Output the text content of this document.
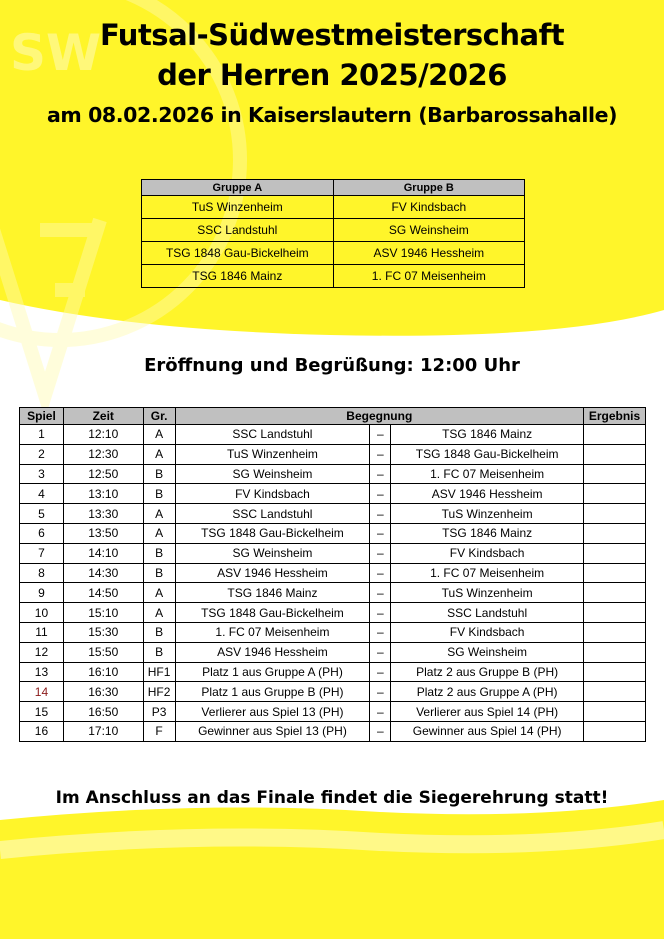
SW
Futsal-Südwestmeisterschaft
der Herren 2025/2026
am 08.02.2026 in Kaiserslautern (Barbarossahalle)
Gruppe A	Gruppe B
TuS Winzenheim	FV Kindsbach
SSC Landstuhl	SG Weinsheim
TSG 1848 Gau-Bickelheim	ASV 1946 Hessheim
TSG 1846 Mainz	1. FC 07 Meisenheim
Eröffnung und Begrüßung: 12:00 Uhr
Spiel	Zeit	Gr.	Begegnung			Ergebnis
1	12:10	A	SSC Landstuhl	–	TSG 1846 Mainz	
2	12:30	A	TuS Winzenheim	–	TSG 1848 Gau-Bickelheim	
3	12:50	B	SG Weinsheim	–	1. FC 07 Meisenheim	
4	13:10	B	FV Kindsbach	–	ASV 1946 Hessheim	
5	13:30	A	SSC Landstuhl	–	TuS Winzenheim	
6	13:50	A	TSG 1848 Gau-Bickelheim	–	TSG 1846 Mainz	
7	14:10	B	SG Weinsheim	–	FV Kindsbach	
8	14:30	B	ASV 1946 Hessheim	–	1. FC 07 Meisenheim	
9	14:50	A	TSG 1846 Mainz	–	TuS Winzenheim	
10	15:10	A	TSG 1848 Gau-Bickelheim	–	SSC Landstuhl	
11	15:30	B	1. FC 07 Meisenheim	–	FV Kindsbach	
12	15:50	B	ASV 1946 Hessheim	–	SG Weinsheim	
13	16:10	HF1	Platz 1 aus Gruppe A (PH)	–	Platz 2 aus Gruppe B (PH)	
14	16:30	HF2	Platz 1 aus Gruppe B (PH)	–	Platz 2 aus Gruppe A (PH)	
15	16:50	P3	Verlierer aus Spiel 13 (PH)	–	Verlierer aus Spiel 14 (PH)	
16	17:10	F	Gewinner aus Spiel 13 (PH)	–	Gewinner aus Spiel 14 (PH)	
Im Anschluss an das Finale findet die Siegerehrung statt!
